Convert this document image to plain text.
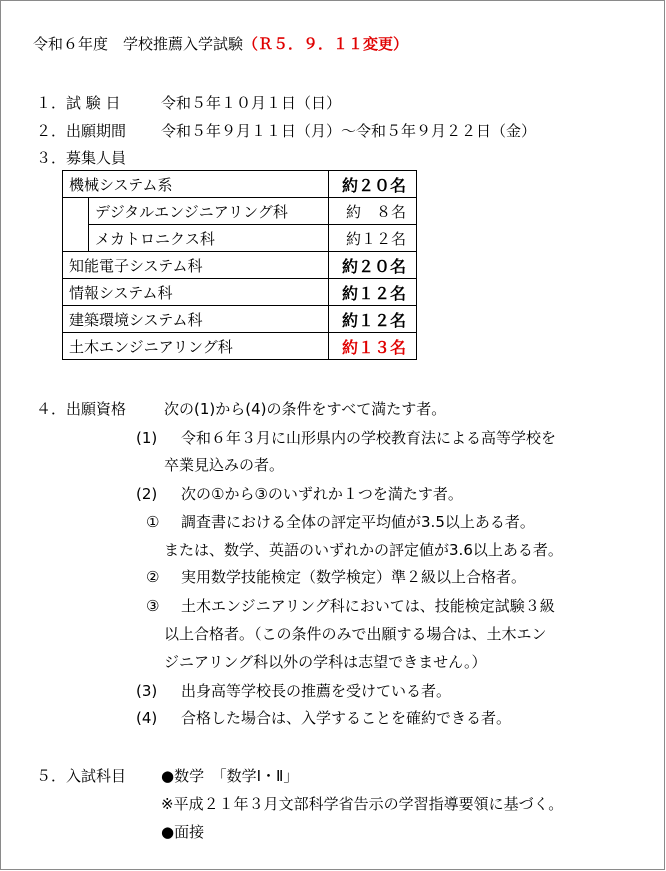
令和６年度　学校推薦入学試験（Ｒ５．９．１１変更）
１．試 験 日	令和５年１０月１日（日）
２．出願期間 令和５年９月１１日（月）～令和５年９月２２日（金）
３．募集人員
機械システム系		約２０名
	デジタルエンジニアリング科	約　８名
	メカトロニクス科	約１２名
知能電子システム科		約２０名
情報システム科		約１２名
建築環境システム科		約１２名
土木エンジニアリング科		約１３名
４．出願資格	次の(1)から(4)の条件をすべて満たす者。
(1) 令和６年３月に山形県内の学校教育法による高等学校を
卒業見込みの者。
(2) 次の①から③のいずれか１つを満たす者。
① 調査書における全体の評定平均値が3.5以上ある者。
または、数学、英語のいずれかの評定値が3.6以上ある者。
② 実用数学技能検定（数学検定）準２級以上合格者。
③ 土木エンジニアリング科においては、技能検定試験３級
以上合格者。（この条件のみで出願する場合は、土木エン
ジニアリング科以外の学科は志望できません。）
(3) 出身高等学校長の推薦を受けている者。
(4) 合格した場合は、入学することを確約できる者。
５．入試科目 ●数学　「数学Ⅰ・Ⅱ」
※平成２１年３月文部科学省告示の学習指導要領に基づく。
●面接
